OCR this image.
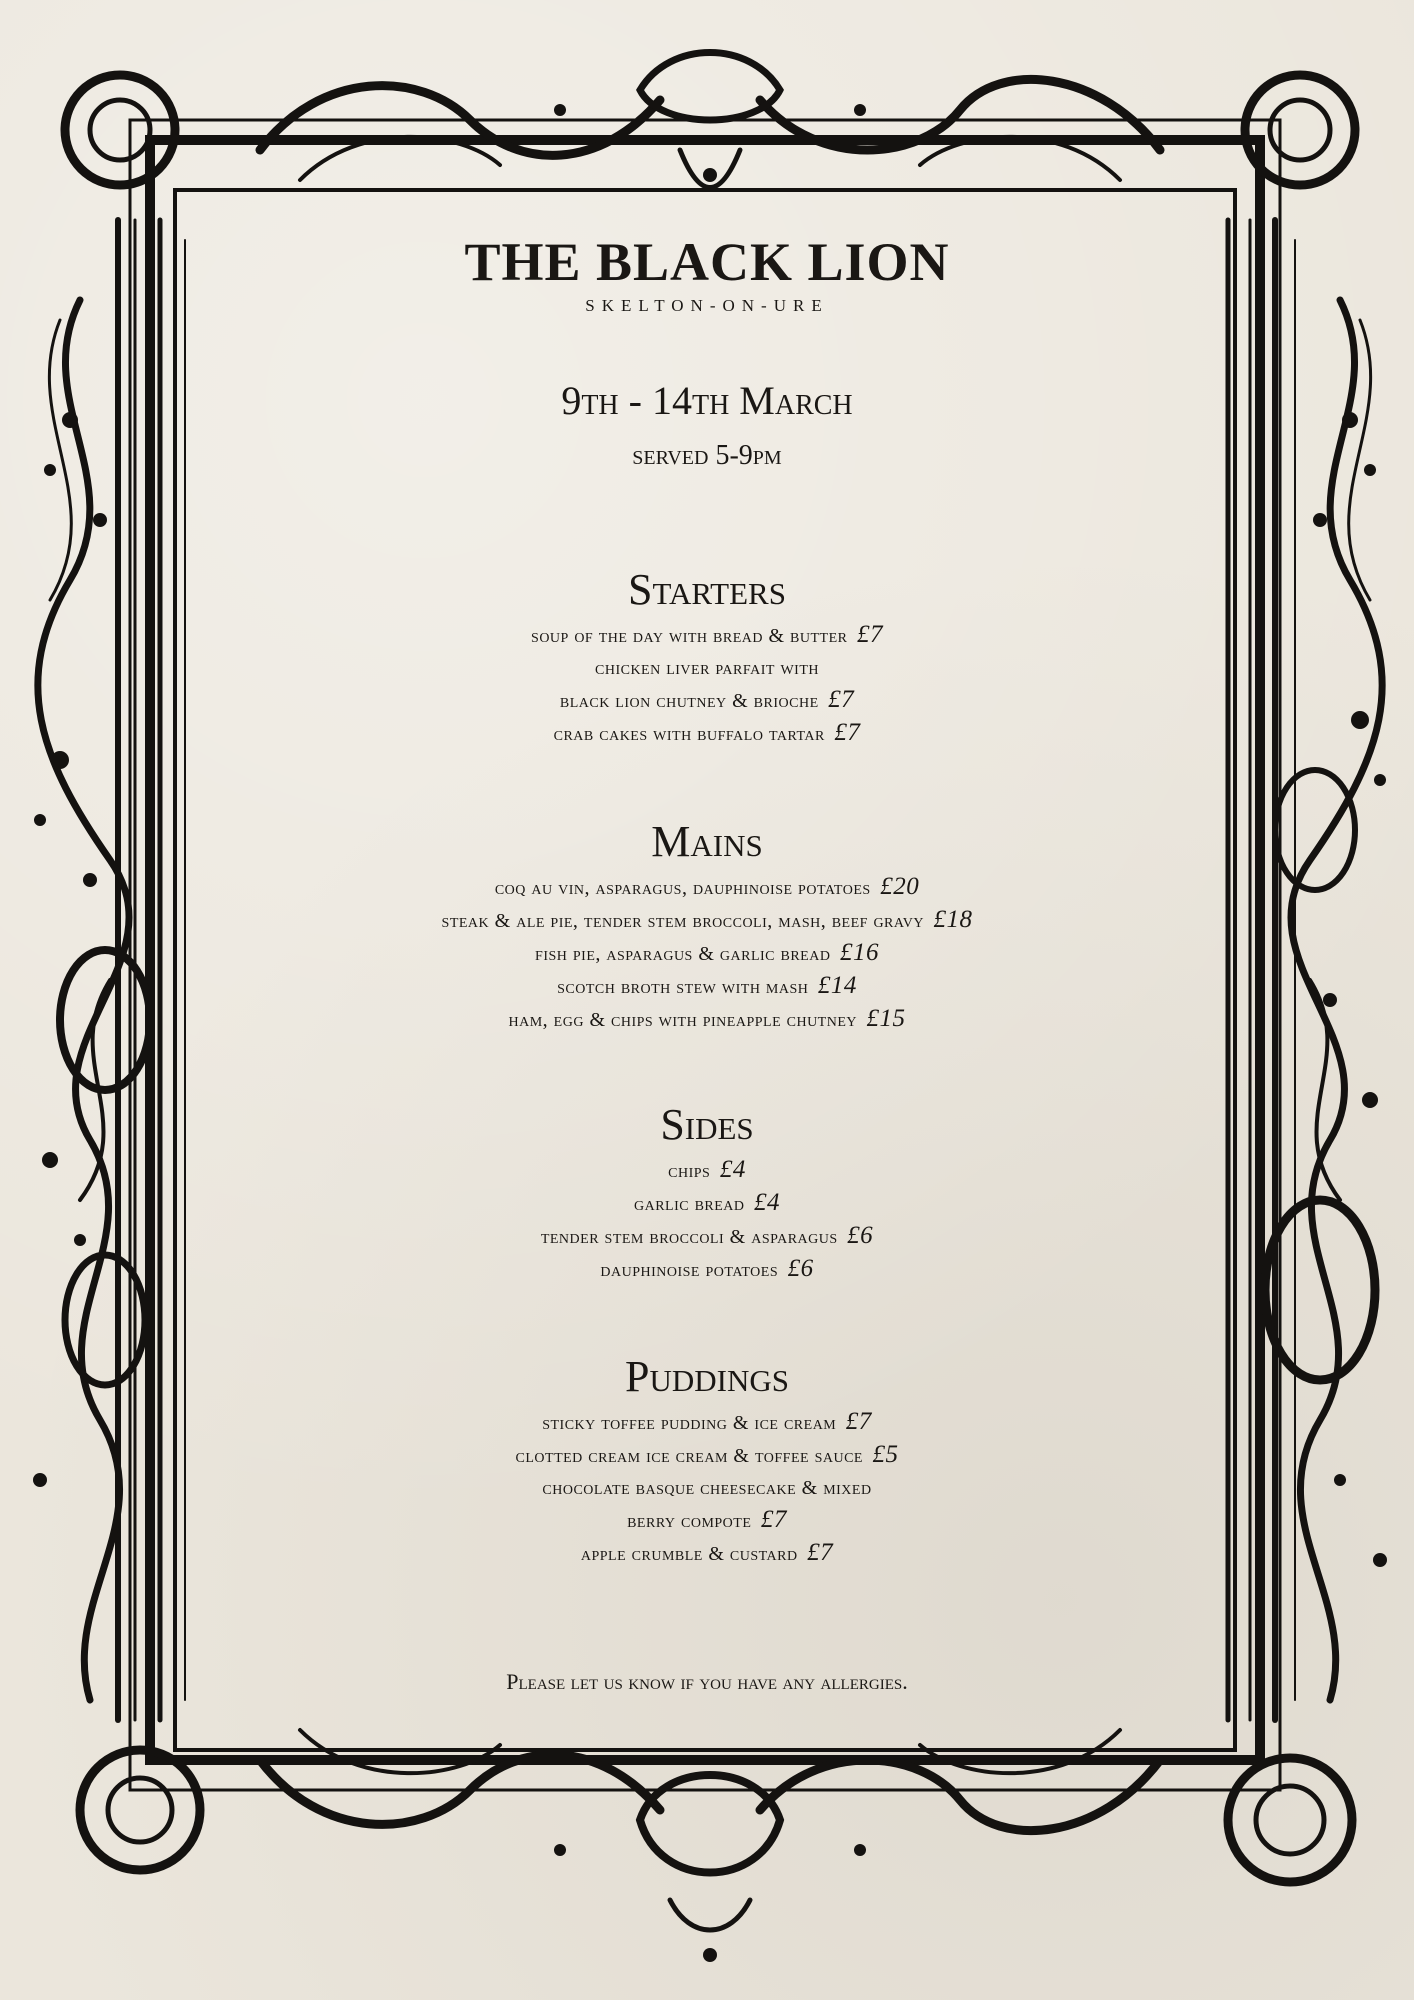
THE BLACK LION
SKELTON-ON-URE
9th - 14th March
served 5-9pm
Starters
soup of the day with bread & butter £7
chicken liver parfait with
black lion chutney & brioche £7
crab cakes with buffalo tartar £7
Mains
coq au vin, asparagus, dauphinoise potatoes £20
steak & ale pie, tender stem broccoli, mash, beef gravy £18
fish pie, asparagus & garlic bread £16
scotch broth stew with mash £14
ham, egg & chips with pineapple chutney £15
Sides
chips £4
garlic bread £4
tender stem broccoli & asparagus £6
dauphinoise potatoes £6
Puddings
sticky toffee pudding & ice cream £7
clotted cream ice cream & toffee sauce £5
chocolate basque cheesecake & mixed
berry compote £7
apple crumble & custard £7
Please let us know if you have any allergies.
